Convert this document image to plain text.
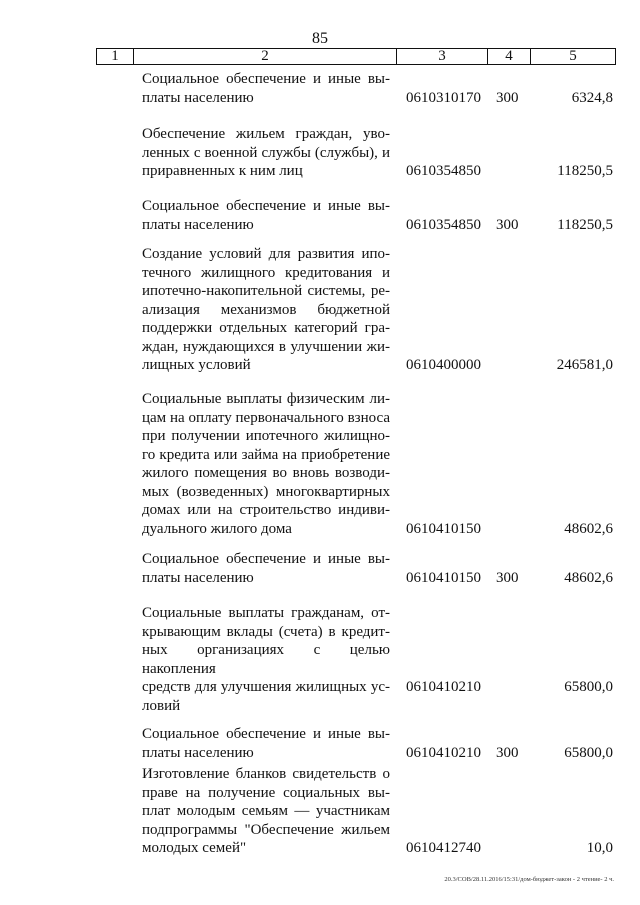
85
1	2	3	4	5
Социальное обеспечение и иные вы-
платы населению	0610310170 300	6324,8
Обеспечение жильем граждан, уво-
ленных с военной службы (службы), и
приравненных к ним лиц	0610354850	118250,5
Социальное обеспечение и иные вы-
платы населению	0610354850 300	118250,5
Создание условий для развития ипо-
течного жилищного кредитования и
ипотечно-накопительной системы, ре-
ализация механизмов бюджетной
поддержки отдельных категорий гра-
ждан, нуждающихся в улучшении жи-
лищных условий	0610400000	246581,0
Социальные выплаты физическим ли-
цам на оплату первоначального взноса
при получении ипотечного жилищно-
го кредита или займа на приобретение
жилого помещения во вновь возводи-
мых (возведенных) многоквартирных
домах или на строительство индиви-
дуального жилого дома	0610410150	48602,6
Социальное обеспечение и иные вы-
платы населению	0610410150 300	48602,6
Социальные выплаты гражданам, от-
крывающим вклады (счета) в кредит-
ных организациях с целью накопления
средств для улучшения жилищных ус-
ловий
0610410210	65800,0
Социальное обеспечение и иные вы-
платы населению	0610410210 300	65800,0
Изготовление бланков свидетельств о
праве на получение социальных вы-
плат молодым семьям — участникам
подпрограммы "Обеспечение жильем
молодых семей"	0610412740	10,0
20.3/СОВ/28.11.2016/15:31/дом-бюджет-закон - 2 чтение- 2 ч.
